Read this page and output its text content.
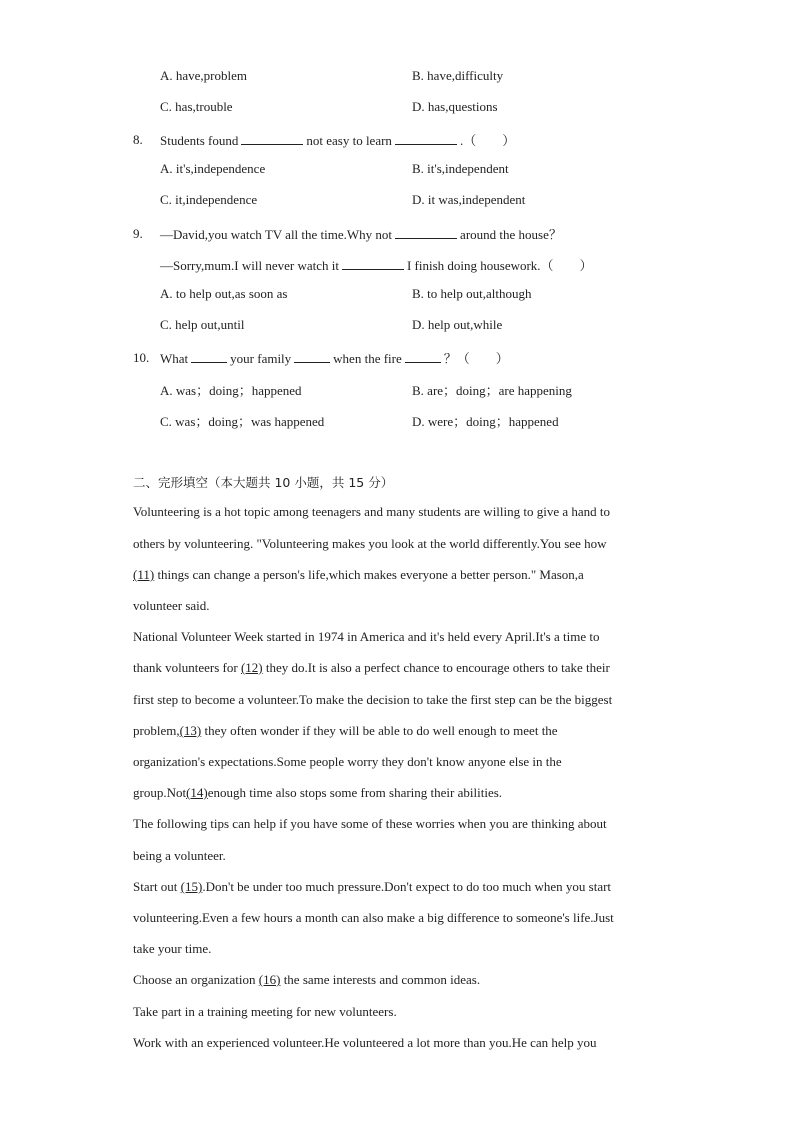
A. have,problem	B. have,difficulty
C. has,trouble	D. has,questions
8. Students found	not easy to learn	.（　　）
A. it's,independence	B. it's,independent
C. it,independence	D. it was,independent
9. —David,you watch TV all the time.Why not	around the house？
—Sorry,mum.I will never watch it	I finish doing housework.（　　）
A. to help out,as soon as	B. to help out,although
C. help out,until	D. help out,while
10. What	your family	when the fire	？（　　）
A. was；doing；happened	B. are；doing；are happening
C. was；doing；was happened	D. were；doing；happened
二、完形填空（本大题共 10 小题，共 15 分）
Volunteering is a hot topic among teenagers and many students are willing to give a hand to
others by volunteering. "Volunteering makes you look at the world differently.You see how
(11) things can change a person's life,which makes everyone a better person." Mason,a
volunteer said.
National Volunteer Week started in 1974 in America and it's held every April.It's a time to
thank volunteers for (12) they do.It is also a perfect chance to encourage others to take their
first step to become a volunteer.To make the decision to take the first step can be the biggest
problem,(13) they often wonder if they will be able to do well enough to meet the
organization's expectations.Some people worry they don't know anyone else in the
group.Not(14)enough time also stops some from sharing their abilities.
The following tips can help if you have some of these worries when you are thinking about
being a volunteer.
Start out (15).Don't be under too much pressure.Don't expect to do too much when you start
volunteering.Even a few hours a month can also make a big difference to someone's life.Just
take your time.
Choose an organization (16) the same interests and common ideas.
Take part in a training meeting for new volunteers.
Work with an experienced volunteer.He volunteered a lot more than you.He can help you
